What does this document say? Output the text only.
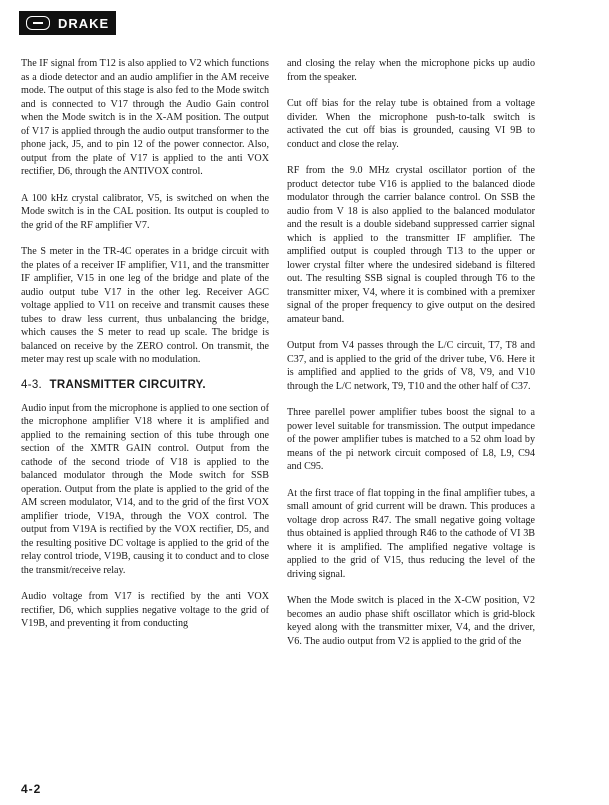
DRAKE

The IF signal from T12 is also applied to V2 which functions as a diode detector and an audio amplifier in the AM receive mode. The output of this stage is also fed to the Mode switch and is connected to V17 through the Audio Gain control when the Mode switch is in the X-AM position. The output of V17 is applied through the audio output transformer to the phone jack, J5, and to pin 12 of the power connector. Also, output from the plate of V17 is applied to the anti VOX rectifier, D6, through the ANTIVOX control.

A 100 kHz crystal calibrator, V5, is switched on when the Mode switch is in the CAL position. Its output is coupled to the grid of the RF amplifier V7.

The S meter in the TR-4C operates in a bridge circuit with the plates of a receiver IF amplifier, V11, and the transmitter IF amplifier, V15 in one leg of the bridge and plate of the audio output tube V17 in the other leg. Receiver AGC voltage applied to V11 on receive and transmit causes these tubes to draw less current, thus unbalancing the bridge, which causes the S meter to read up scale. The bridge is balanced on receive by the ZERO control. On transmit, the meter may rest up scale with no modulation.

4-3. TRANSMITTER CIRCUITRY.

Audio input from the microphone is applied to one section of the microphone amplifier V18 where it is amplified and applied to the remaining section of this tube through one section of the XMTR GAIN control. Output from the cathode of the second triode of V18 is applied to the balanced modulator through the Mode switch for SSB operation. Output from the plate is applied to the grid of the AM screen modulator, V14, and to the grid of the first VOX amplifier triode, V19A, through the VOX control. The output from V19A is rectified by the VOX rectifier, D5, and the resulting positive DC voltage is applied to the grid of the relay control triode, V19B, causing it to conduct and to close the transmit/receive relay.

Audio voltage from V17 is rectified by the anti VOX rectifier, D6, which supplies negative voltage to the grid of V19B, and preventing it from conducting

and closing the relay when the microphone picks up audio from the speaker.

Cut off bias for the relay tube is obtained from a voltage divider. When the microphone push-to-talk switch is activated the cut off bias is grounded, causing VI 9B to conduct and close the relay.

RF from the 9.0 MHz crystal oscillator portion of the product detector tube V16 is applied to the balanced diode modulator through the carrier balance control. On SSB the audio from V 18 is also applied to the balanced modulator and the result is a double sideband suppressed carrier signal which is applied to the transmitter IF amplifier. The amplified output is coupled through T13 to the upper or lower crystal filter where the undesired sideband is filtered out. The resulting SSB signal is coupled through T6 to the transmitter mixer, V4, where it is combined with a premixer signal of the proper frequency to give output on the desired amateur band.

Output from V4 passes through the L/C circuit, T7, T8 and C37, and is applied to the grid of the driver tube, V6. Here it is amplified and applied to the grids of V8, V9, and V10 through the L/C network, T9, T10 and the other half of C37.

Three parellel power amplifier tubes boost the signal to a power level suitable for transmission. The output impedance of the power amplifier tubes is matched to a 52 ohm load by means of the pi network circuit composed of L8, L9, C94 and C95.

At the first trace of flat topping in the final amplifier tubes, a small amount of grid current will be drawn. This produces a voltage drop across R47. The small negative going voltage thus obtained is applied through R46 to the cathode of VI 3B where it is amplified. The amplified negative voltage is applied to the grid of V15, thus reducing the level of the driving signal.

When the Mode switch is placed in the X-CW position, V2 becomes an audio phase shift oscillator which is grid-block keyed along with the transmitter mixer, V4, and the driver, V6. The audio output from V2 is applied to the grid of the

4-2
